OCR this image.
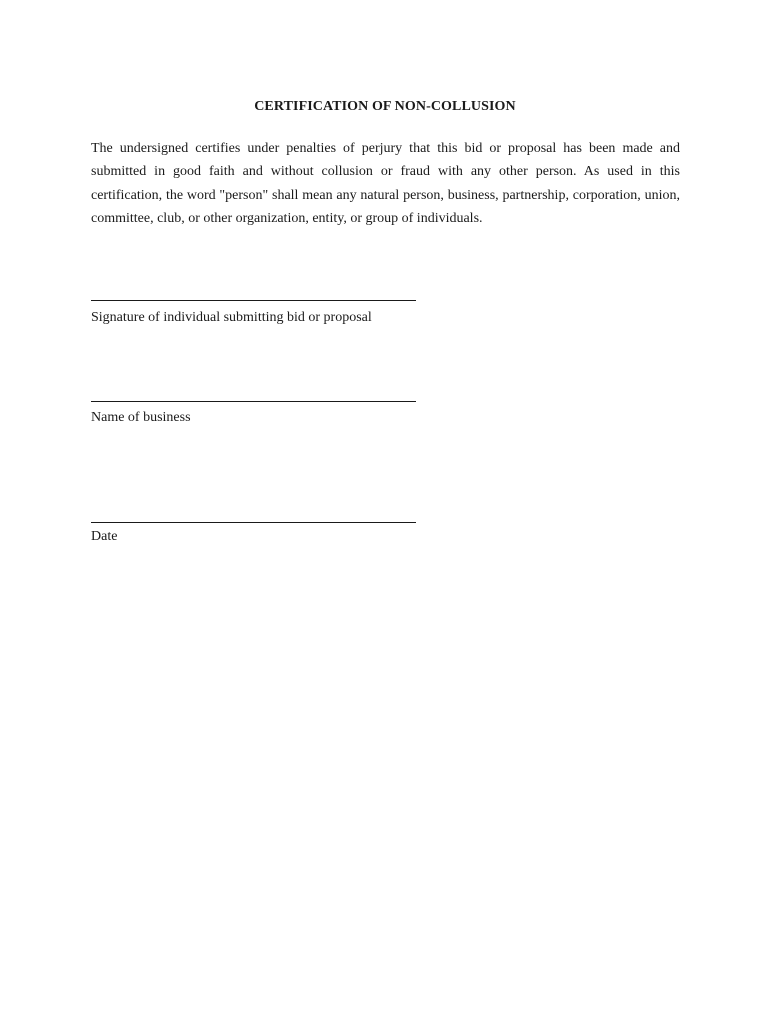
CERTIFICATION OF NON-COLLUSION

The undersigned certifies under penalties of perjury that this bid or proposal has been made and submitted in good faith and without collusion or fraud with any other person. As used in this certification, the word "person" shall mean any natural person, business, partnership, corporation, union, committee, club, or other organization, entity, or group of individuals.

Signature of individual submitting bid or proposal

Name of business

Date
